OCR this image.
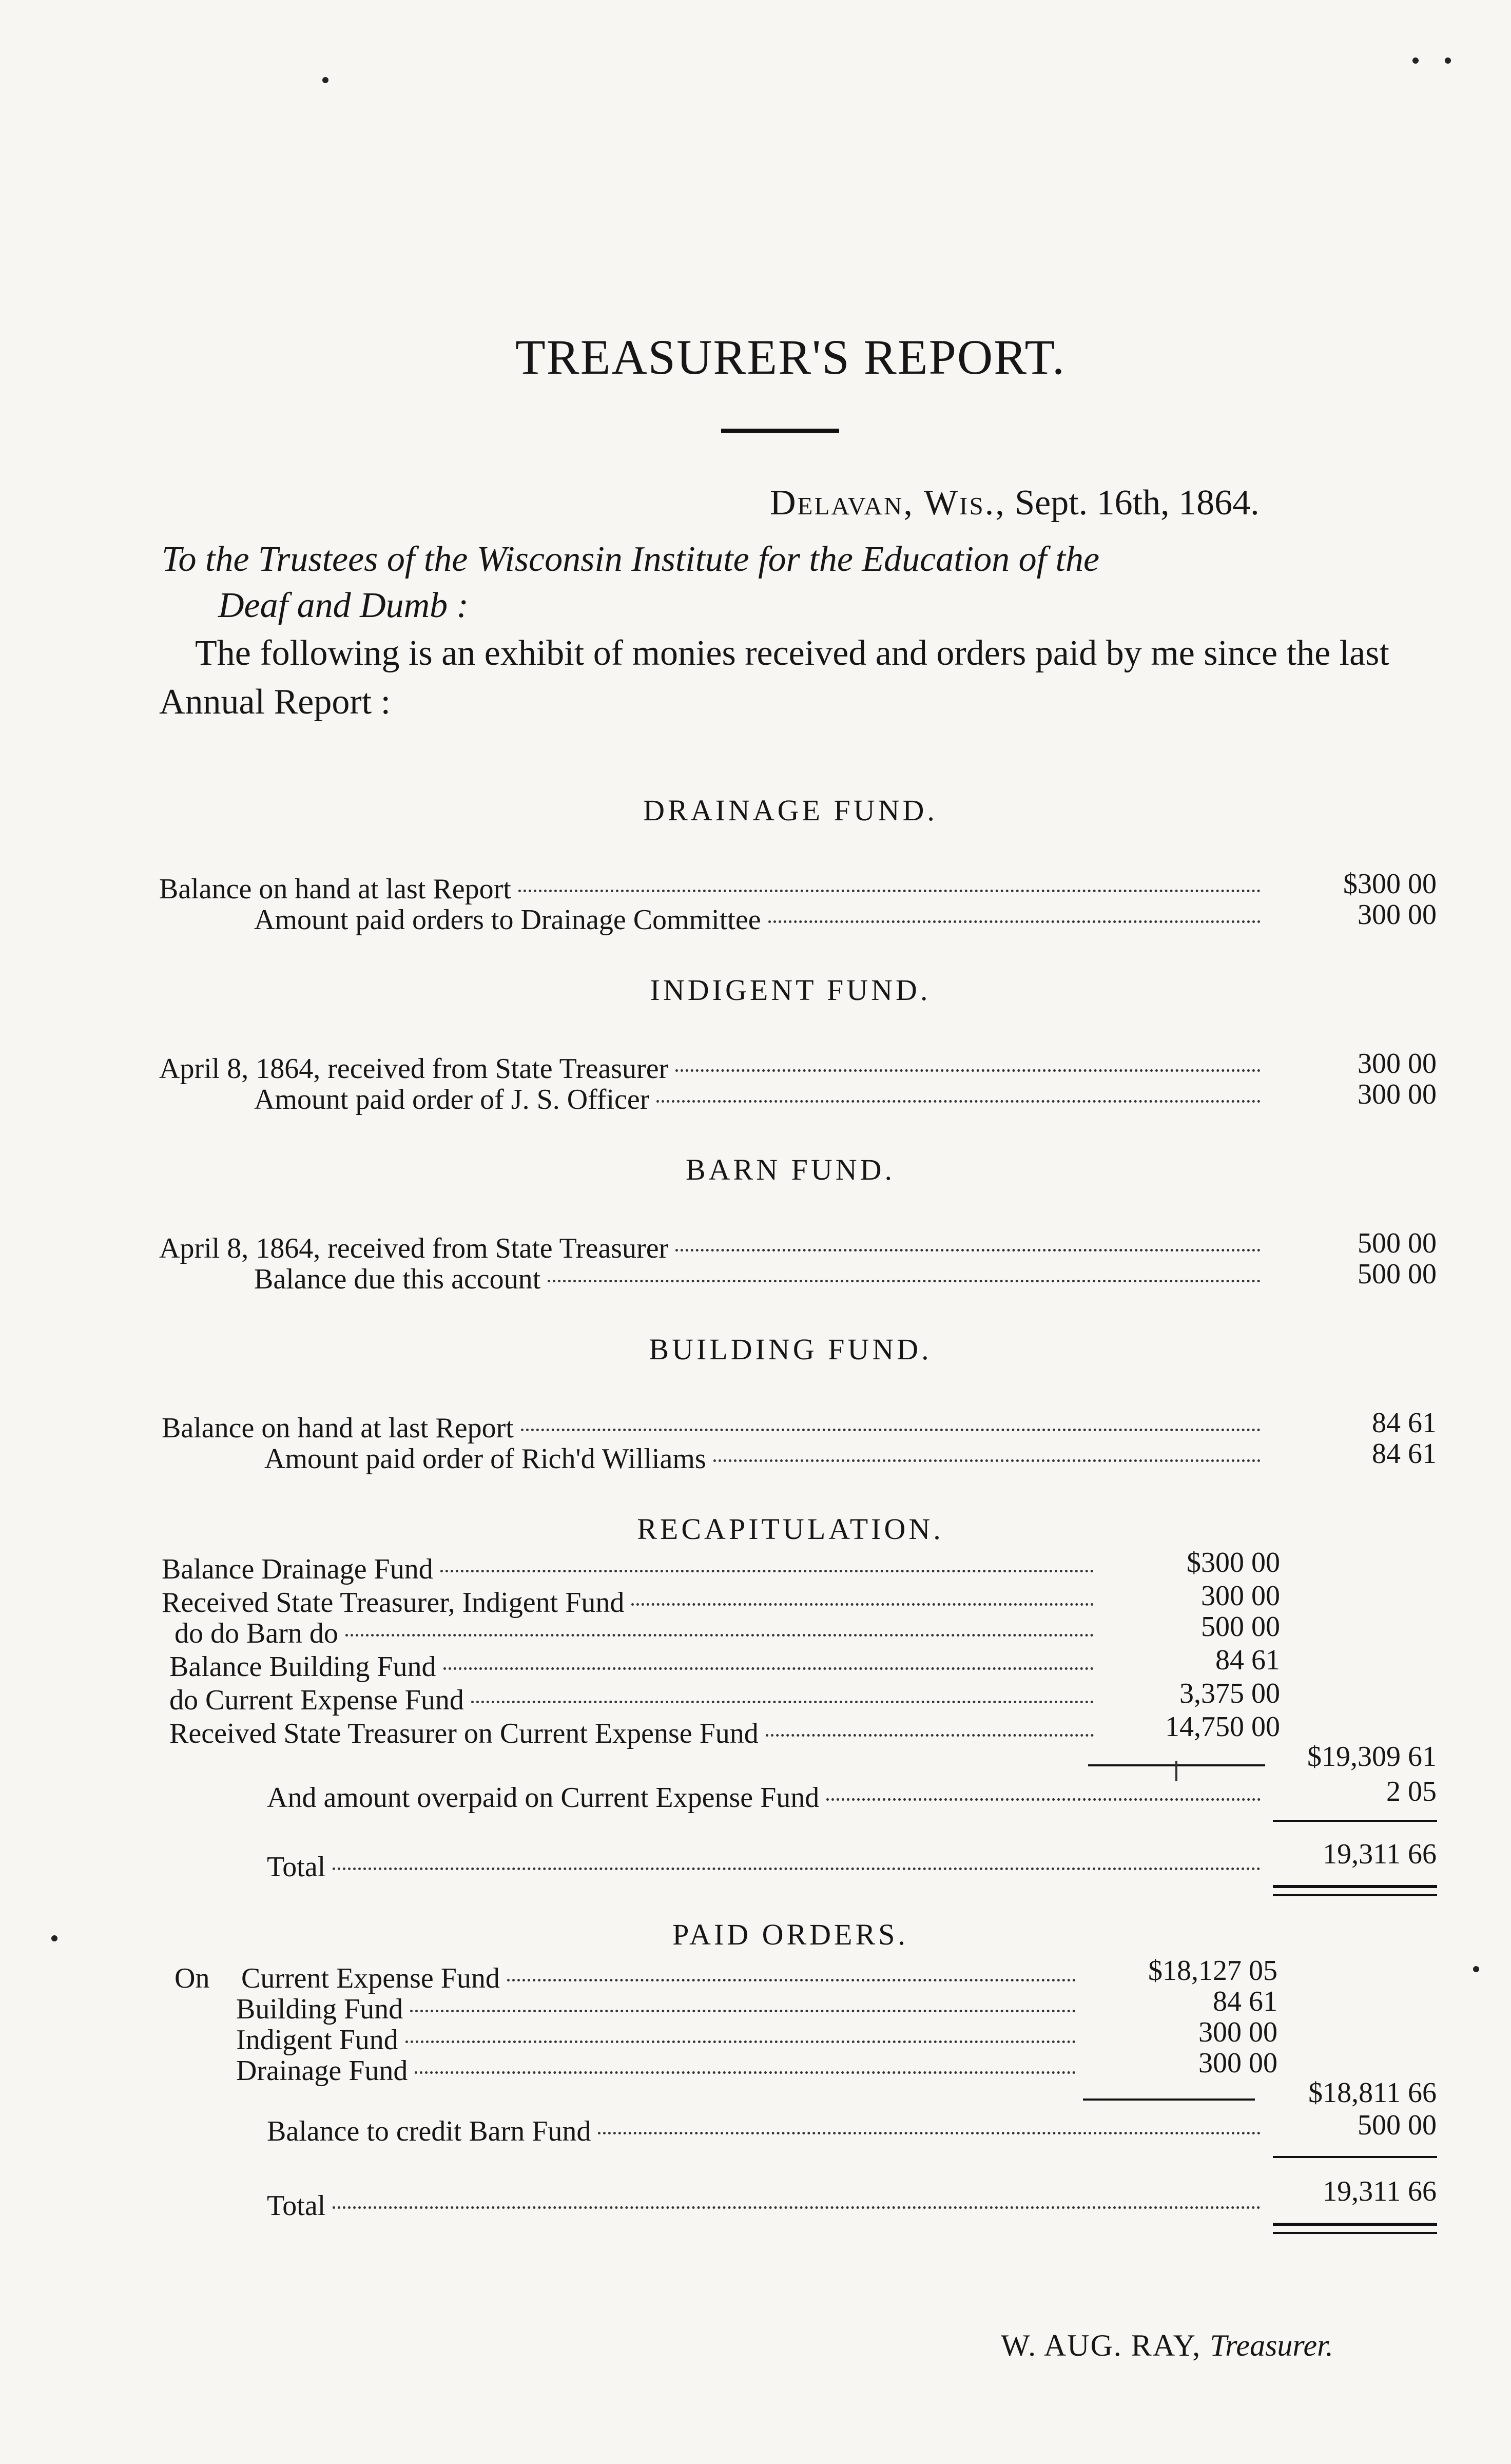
TREASURER'S REPORT.
Delavan, Wis., Sept. 16th, 1864.
To the Trustees of the Wisconsin Institute for the Education of the
Deaf and Dumb :
The following is an exhibit of monies received and orders paid by me since the last Annual Report :
DRAINAGE FUND.
Balance on hand at last Report	$300 00
Amount paid orders to Drainage Committee	300 00
INDIGENT FUND.
April 8, 1864, received from State Treasurer	300 00
Amount paid order of J. S. Officer	300 00
BARN FUND.
April 8, 1864, received from State Treasurer	500 00
Balance due this account	500 00
BUILDING FUND.
Balance on hand at last Report	84 61
Amount paid order of Rich'd Williams	84 61
RECAPITULATION.
Balance Drainage Fund	$300 00
Received State Treasurer, Indigent Fund	300 00
do do Barn do	500 00
Balance Building Fund	84 61
do Current Expense Fund	3,375 00
Received State Treasurer on Current Expense Fund	14,750 00
$19,309 61
And amount overpaid on Current Expense Fund	2 05
Total	19,311 66
PAID ORDERS.
On Current Expense Fund	$18,127 05
Building Fund	84 61
Indigent Fund	300 00
Drainage Fund	300 00
$18,811 66
Balance to credit Barn Fund	500 00
Total	19,311 66
W. AUG. RAY, Treasurer.
